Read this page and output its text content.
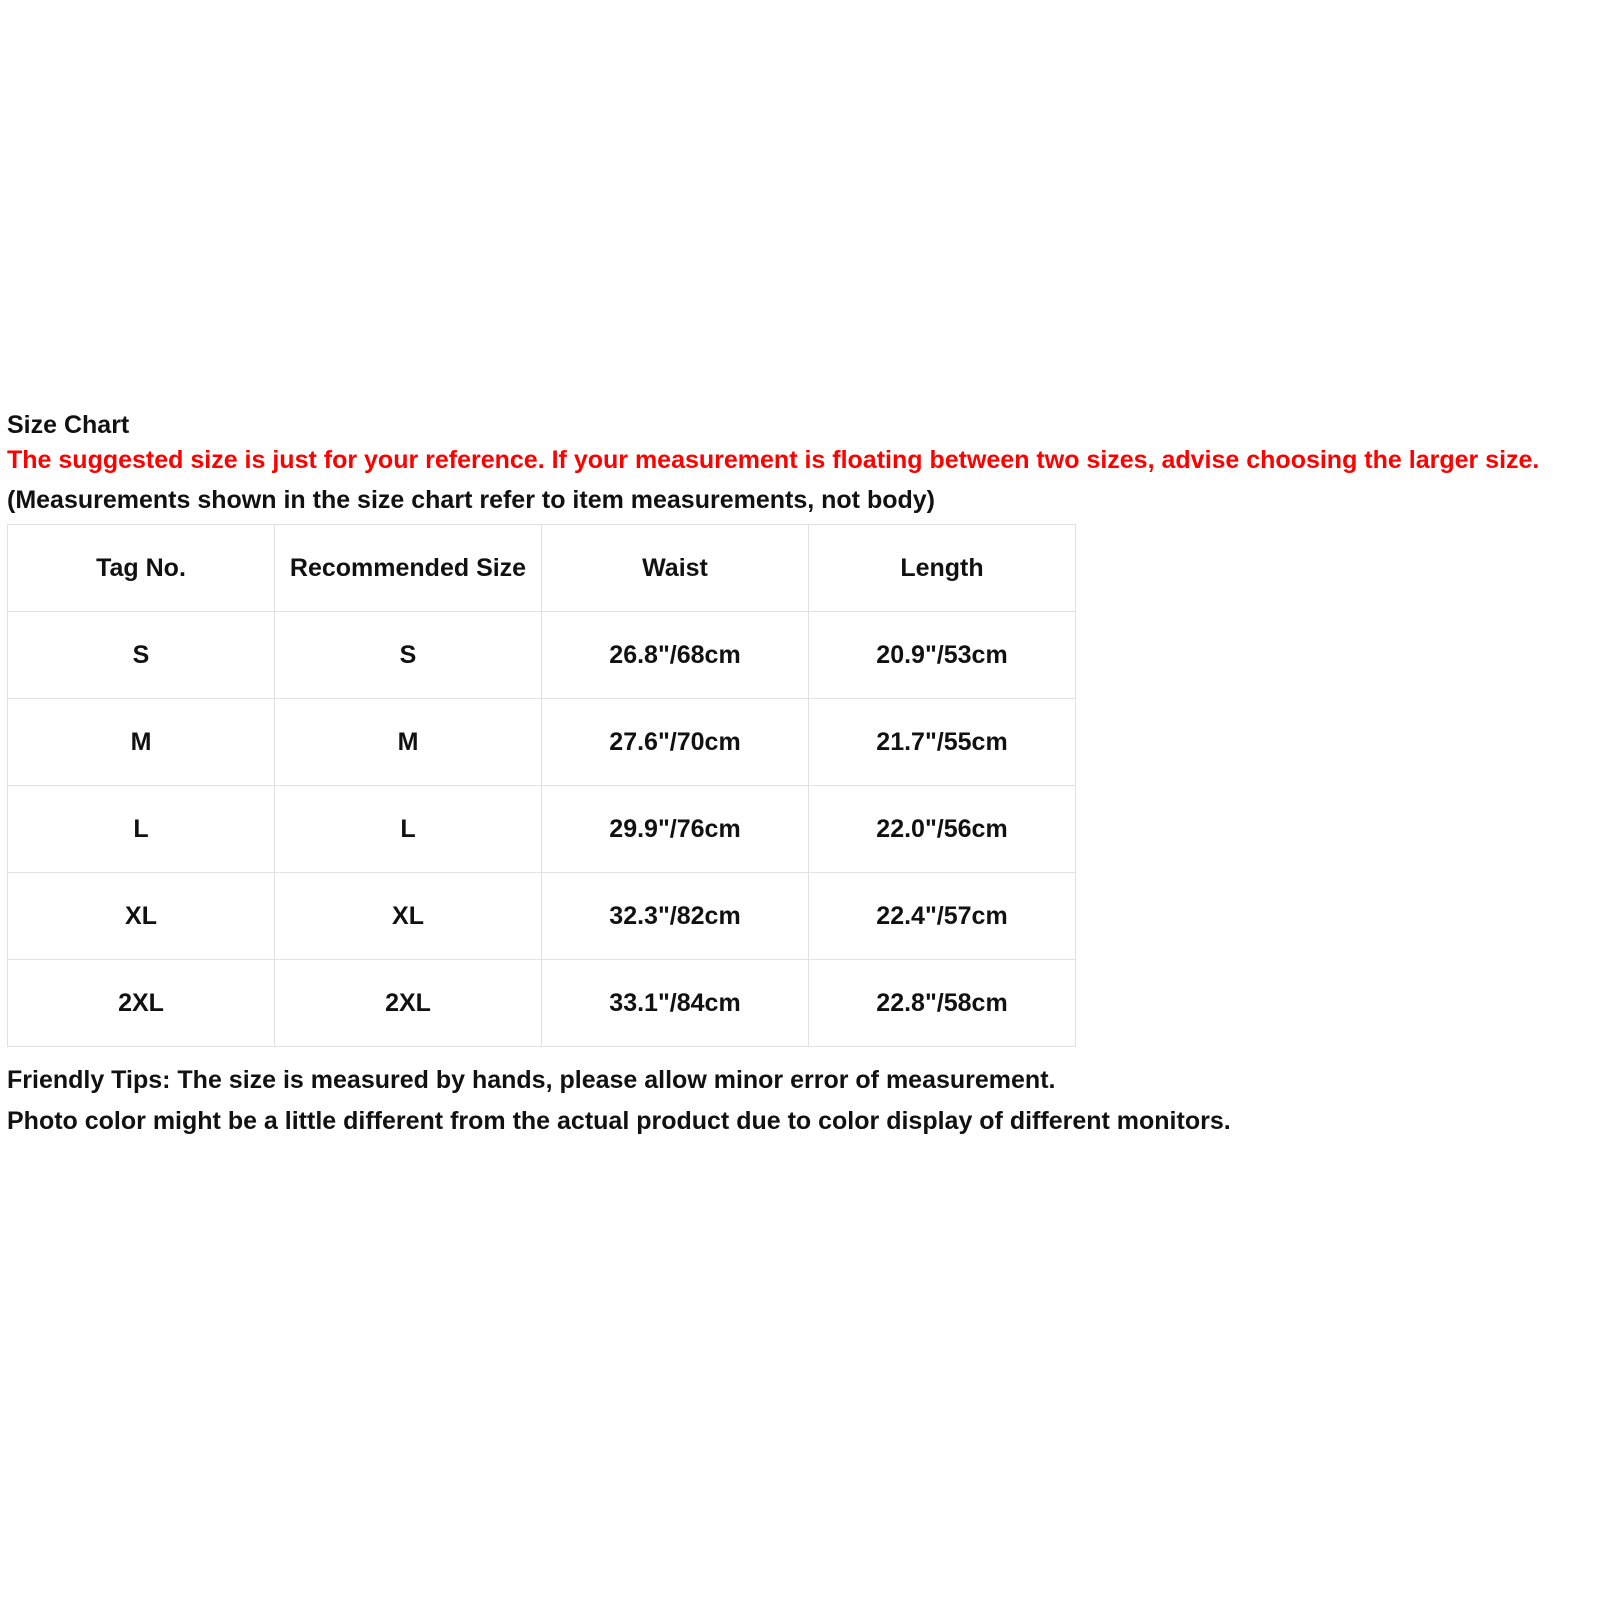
Size Chart

The suggested size is just for your reference. If your measurement is floating between two sizes, advise choosing the larger size.

(Measurements shown in the size chart refer to item measurements, not body)

Tag No.	Recommended Size	Waist	Length
S	S	26.8"/68cm	20.9"/53cm
M	M	27.6"/70cm	21.7"/55cm
L	L	29.9"/76cm	22.0"/56cm
XL	XL	32.3"/82cm	22.4"/57cm
2XL	2XL	33.1"/84cm	22.8"/58cm

Friendly Tips: The size is measured by hands, please allow minor error of measurement.

Photo color might be a little different from the actual product due to color display of different monitors.
